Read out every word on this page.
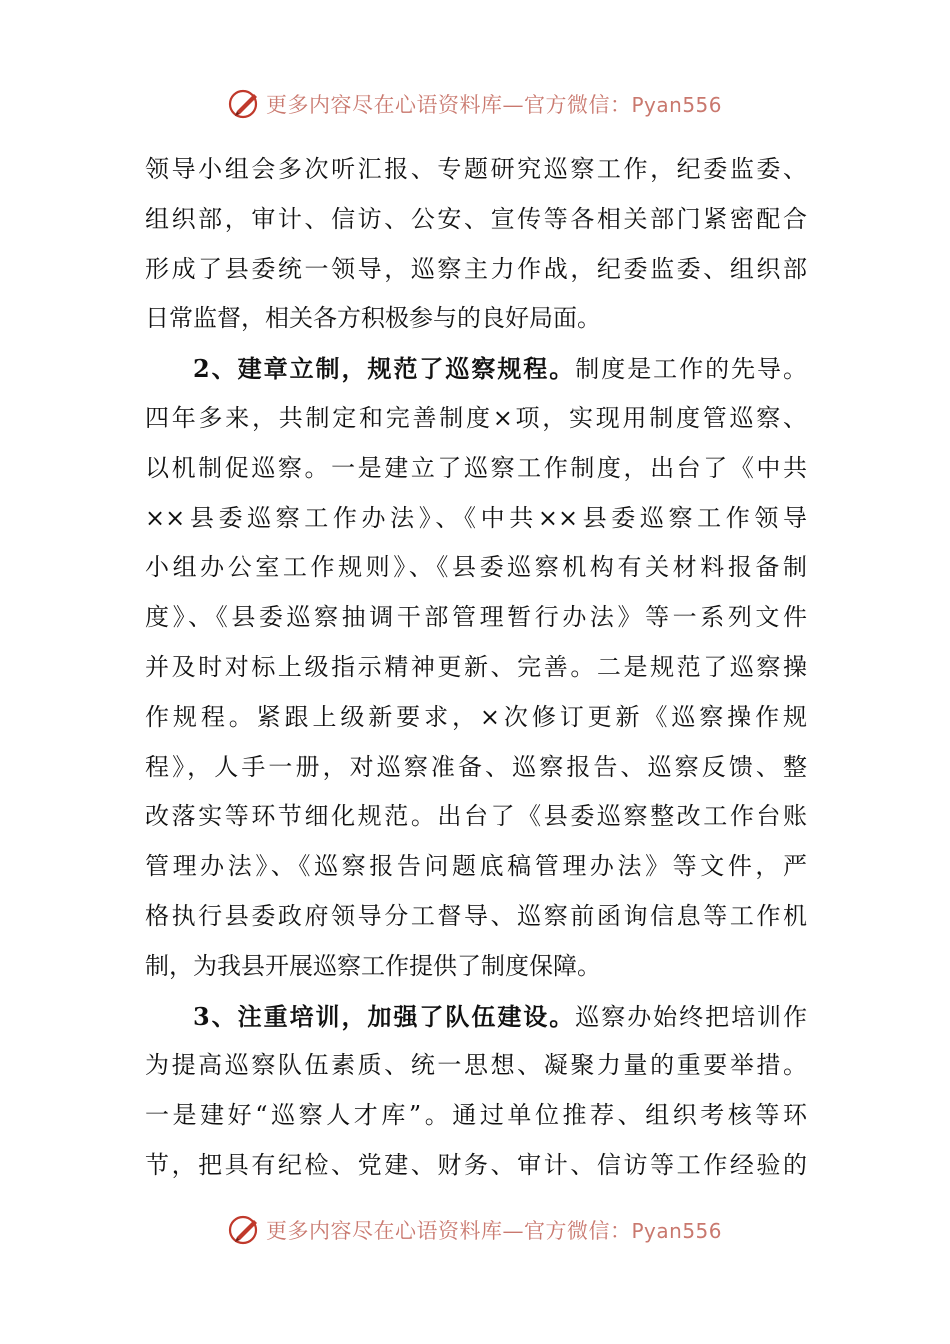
更多内容尽在心语资料库—官方微信：Pyan556
领导小组会多次听汇报、专题研究巡察工作，纪委监委、
组织部，审计、信访、公安、宣传等各相关部门紧密配合
形成了县委统一领导，巡察主力作战，纪委监委、组织部
日常监督，相关各方积极参与的良好局面。
2、建章立制，规范了巡察规程。制度是工作的先导。
四年多来，共制定和完善制度×项，实现用制度管巡察、
以机制促巡察。一是建立了巡察工作制度，出台了《中共
××县委巡察工作办法》、《中共××县委巡察工作领导
小组办公室工作规则》、《县委巡察机构有关材料报备制
度》、《县委巡察抽调干部管理暂行办法》等一系列文件
并及时对标上级指示精神更新、完善。二是规范了巡察操
作规程。紧跟上级新要求，×次修订更新《巡察操作规
程》，人手一册，对巡察准备、巡察报告、巡察反馈、整
改落实等环节细化规范。出台了《县委巡察整改工作台账
管理办法》、《巡察报告问题底稿管理办法》等文件，严
格执行县委政府领导分工督导、巡察前函询信息等工作机
制，为我县开展巡察工作提供了制度保障。
3、注重培训，加强了队伍建设。巡察办始终把培训作
为提高巡察队伍素质、统一思想、凝聚力量的重要举措。
一是建好“巡察人才库”。通过单位推荐、组织考核等环
节，把具有纪检、党建、财务、审计、信访等工作经验的
更多内容尽在心语资料库—官方微信：Pyan556
